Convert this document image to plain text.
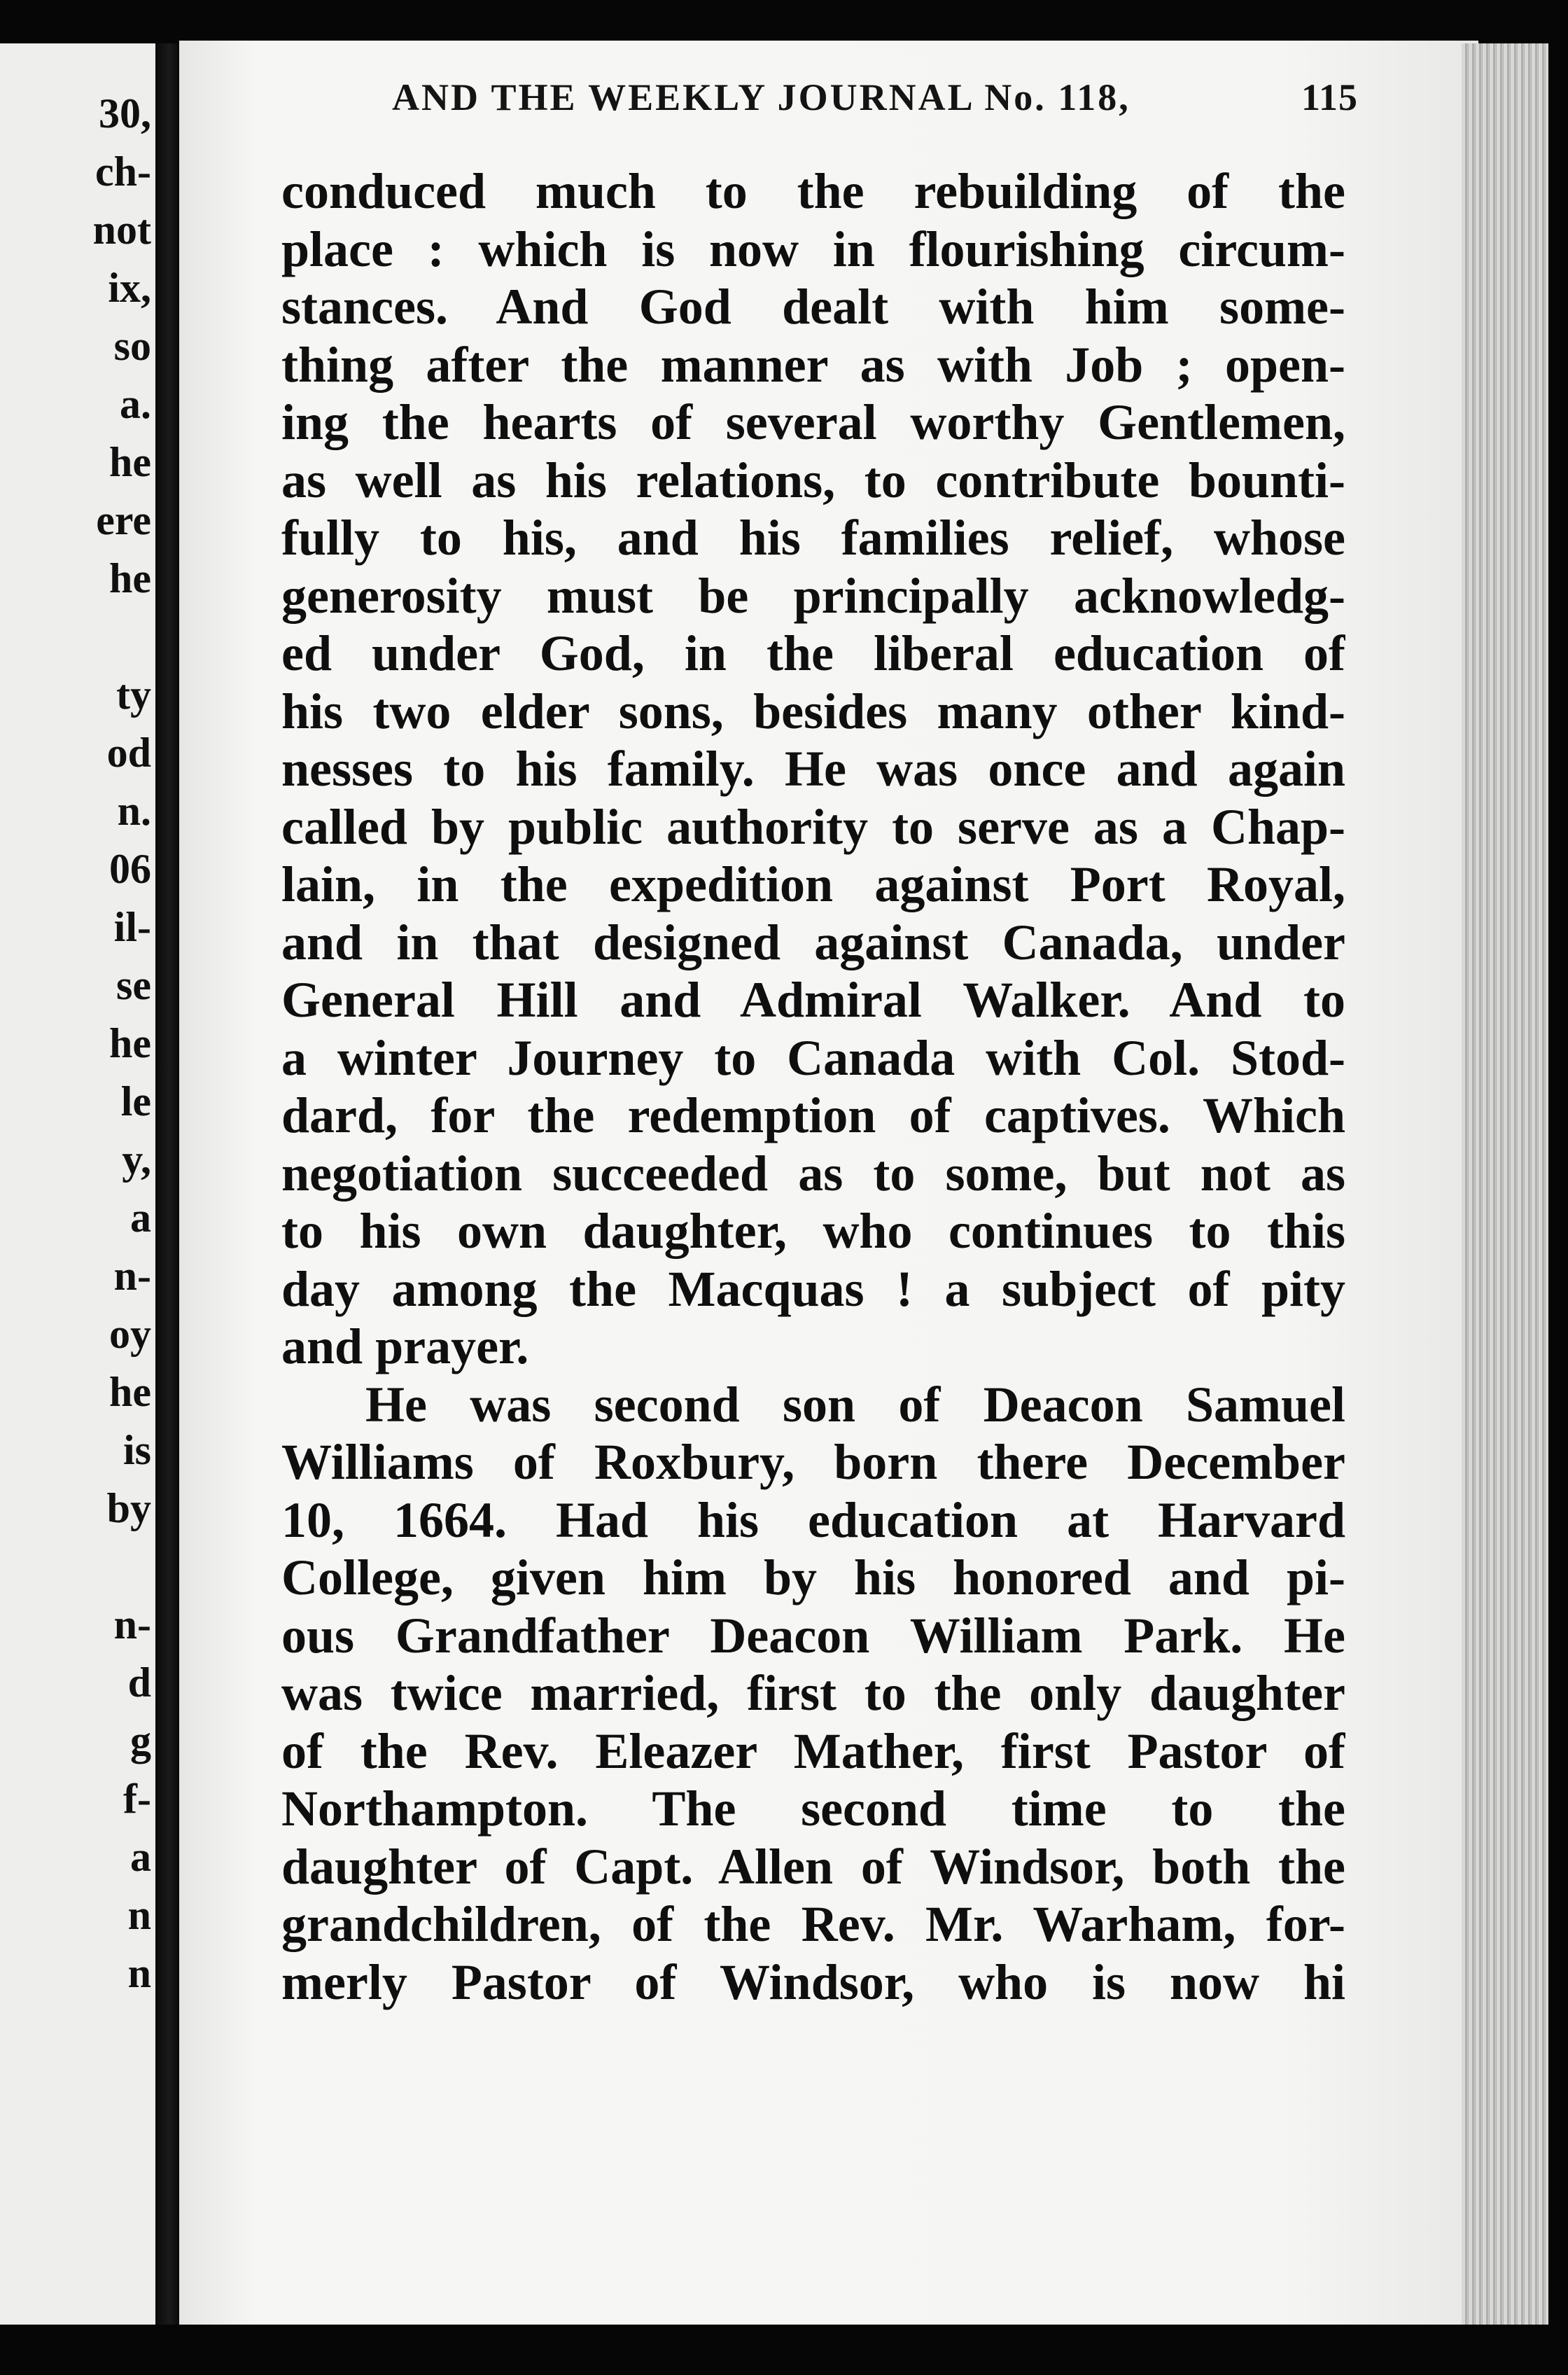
30,

ch-

not

ix,

so

a.

he

ere

he

ty

od

n.

06

il-

se

he

le

y,

a

n-

oy

he

is

by

n-

d

g

f-

a

n

n

AND THE WEEKLY JOURNAL No. 118,	115

conduced much to the rebuilding of the

place : which is now in flourishing circum-

stances. And God dealt with him some-

thing after the manner as with Job ; open-

ing the hearts of several worthy Gentlemen,

as well as his relations, to contribute bounti-

fully to his, and his families relief, whose

generosity must be principally acknowledg-

ed under God, in the liberal education of

his two elder sons, besides many other kind-

nesses to his family. He was once and again

called by public authority to serve as a Chap-

lain, in the expedition against Port Royal,

and in that designed against Canada, under

General Hill and Admiral Walker. And to

a winter Journey to Canada with Col. Stod-

dard, for the redemption of captives. Which

negotiation succeeded as to some, but not as

to his own daughter, who continues to this

day among the Macquas ! a subject of pity

and prayer.

He was second son of Deacon Samuel

Williams of Roxbury, born there December

10, 1664. Had his education at Harvard

College, given him by his honored and pi-

ous Grandfather Deacon William Park. He

was twice married, first to the only daughter

of the Rev. Eleazer Mather, first Pastor of

Northampton. The second time to the

daughter of Capt. Allen of Windsor, both the

grandchildren, of the Rev. Mr. Warham, for-

merly Pastor of Windsor, who is now hi
